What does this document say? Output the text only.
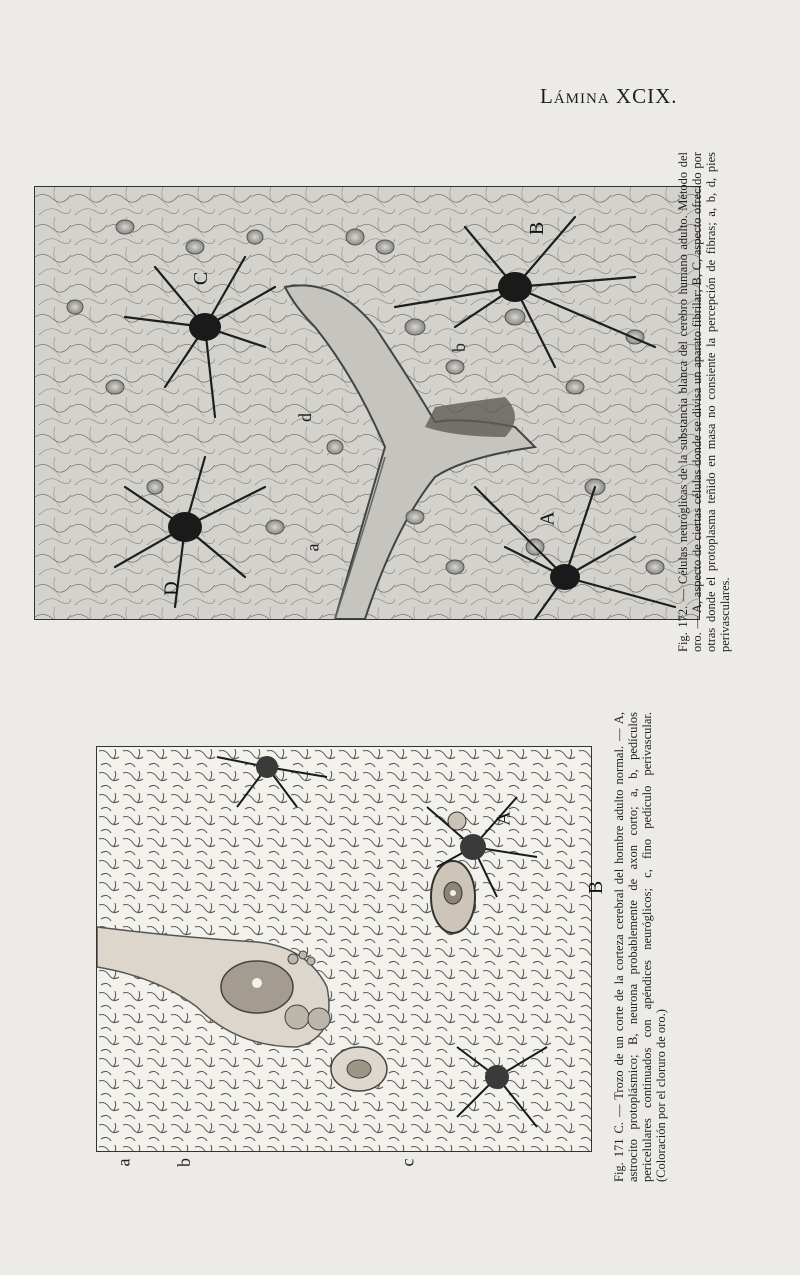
Lámina XCIX.
C
D
B
A
a
b
d
Fig. 172. — Células neuróglicas de la substancia blanca del cerebro humano adulto. Método del oro. — A, aspecto de ciertas células donde se divisa un aparato fibrilar; B, C, aspecto ofrecido por otras donde el protoplasma teñido en masa no consiente la percepción de fibras; a, b, d, pies perivasculares.
A
B
a b	c	Fig. 171 C. — Trozo de un corte de la corteza cerebral del hombre adulto normal. — A, astrocito protoplásmico; B, neurona probablemente de axon corto; a, b, pedículos pericelulares continuados con apéndices neuróglicos; c, fino pedículo perivascular. (Coloración por el cloruro de oro.)
